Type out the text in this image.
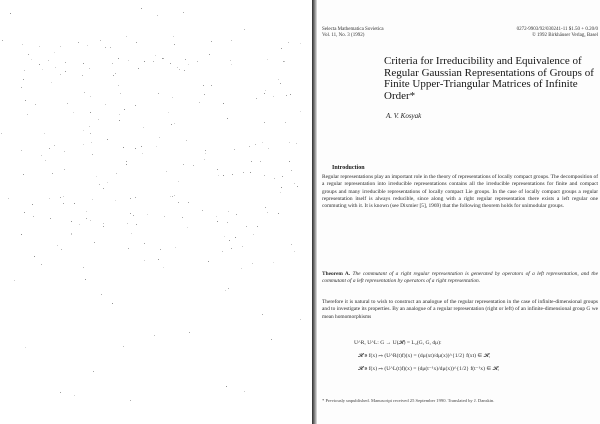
Selecta Mathematica Sovietica
Vol. 11, No. 3 (1992)
0272-9903/92/030241-11 $1.50 + 0.20/0
© 1992 Birkhäuser Verlag, Basel
Criteria for Irreducibility and Equivalence of Regular Gaussian Representations of Groups of Finite Upper-Triangular Matrices of Infinite Order*
A. V. Kosyak
Introduction
Regular representations play an important role in the theory of representations of locally compact groups. The decomposition of a regular representation into irreducible representations contains all the irreducible representations for finite and compact groups and many irreducible representations of locally compact Lie groups. In the case of locally compact groups a regular representation itself is always reducible, since along with a right regular representation there exists a left regular one commuting with it. It is known (see Dixmier [5], 1969) that the following theorem holds for unimodular groups.
Theorem A. The commutant of a right regular representation is generated by operators of a left representation, and the commutant of a left representation by operators of a right representation.
Therefore it is natural to wish to construct an analogue of the regular representation in the case of infinite-dimensional groups and to investigate its properties. By an analogue of a regular representation (right or left) of an infinite-dimensional group G we mean homomorphisms
U^R, U^L: G → U(𝓗) = L₂(G, G, dμ):
𝓗 ∋ f(x) ↦ (U^R(t)f)(x) = (dμ(xt)/dμ(x))^{1/2} f(xt) ∈ 𝓗,
𝓗 ∋ f(x) ↦ (U^L(t)f)(x) = (dμ(t⁻¹x)/dμ(x))^{1/2} f(t⁻¹x) ∈ 𝓗,
* Previously unpublished. Manuscript received 25 September 1990. Translated by J. Danskin.
